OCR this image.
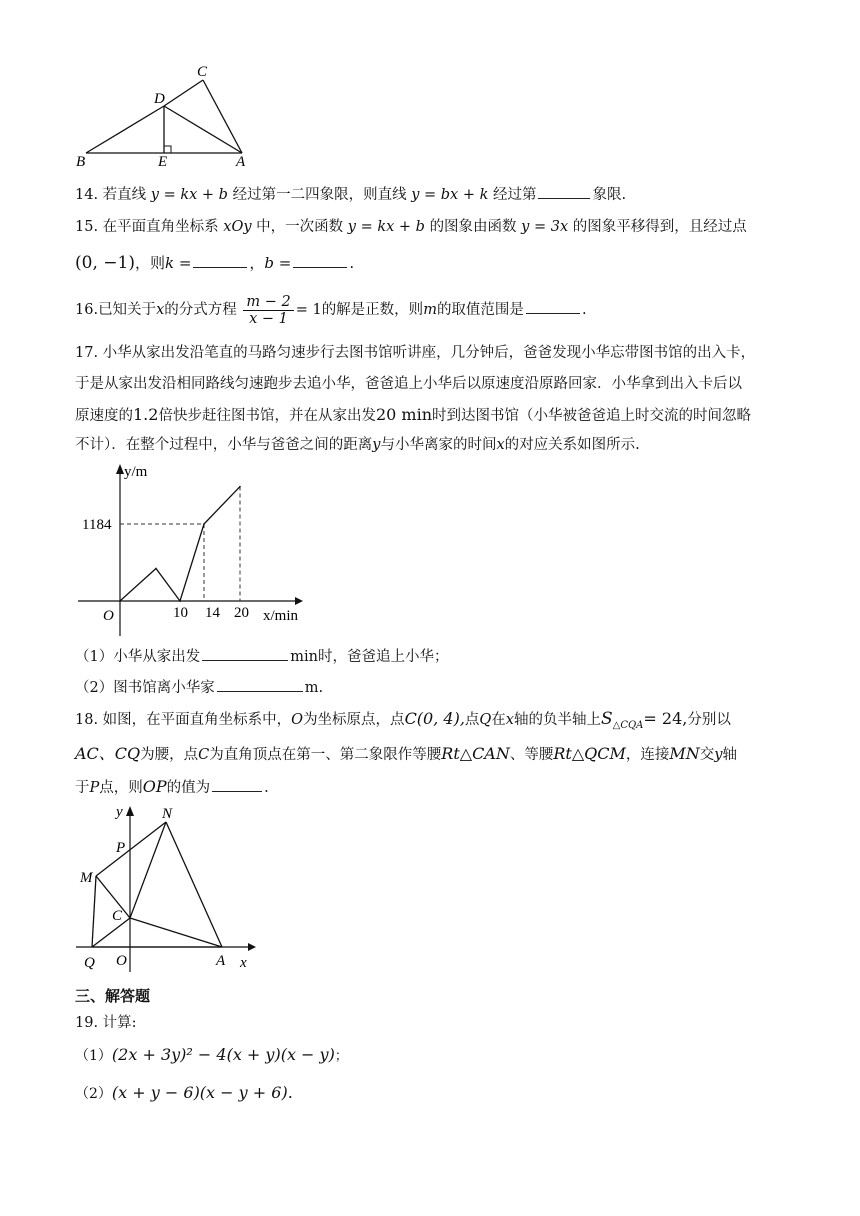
C
D
B	E	A
14. 若直线 y = kx + b 经过第一二四象限，则直线 y = bx + k 经过第	象限.
15. 在平面直角坐标系 xOy 中，一次函数 y = kx + b 的图象由函数 y = 3x 的图象平移得到，且经过点
(0, −1)，则k =	，b =	.
16.已知关于x的分式方程 $\frac{m - 2}{x - 1} = 1$的解是正数，则m的取值范围是	.
17. 小华从家出发沿笔直的马路匀速步行去图书馆听讲座，几分钟后，爸爸发现小华忘带图书馆的出入卡，
于是从家出发沿相同路线匀速跑步去追小华，爸爸追上小华后以原速度沿原路回家．小华拿到出入卡后以
原速度的1.2倍快步赶往图书馆，并在从家出发20 min时到达图书馆（小华被爸爸追上时交流的时间忽略
不计）．在整个过程中，小华与爸爸之间的距离y与小华离家的时间x的对应关系如图所示.
10 14 20
1184
O	x/min
y/m
（1）小华从家出发	min时，爸爸追上小华；
（2）图书馆离小华家	m.
18. 如图，在平面直角坐标系中，O为坐标原点，点C(0, 4),点Q在x轴的负半轴上$S_{\triangle CQA}= 24$,分别以
AC、CQ为腰，点C为直角顶点在第一、第二象限作等腰Rt△CAN、等腰Rt△QCM，连接MN交y轴
于P点，则OP的值为	.
y	N
P
M
C
Q O	A x
三、解答题
19. 计算:
（1）(2x + 3y)² − 4(x + y)(x − y)；
（2）(x + y − 6)(x − y + 6).
